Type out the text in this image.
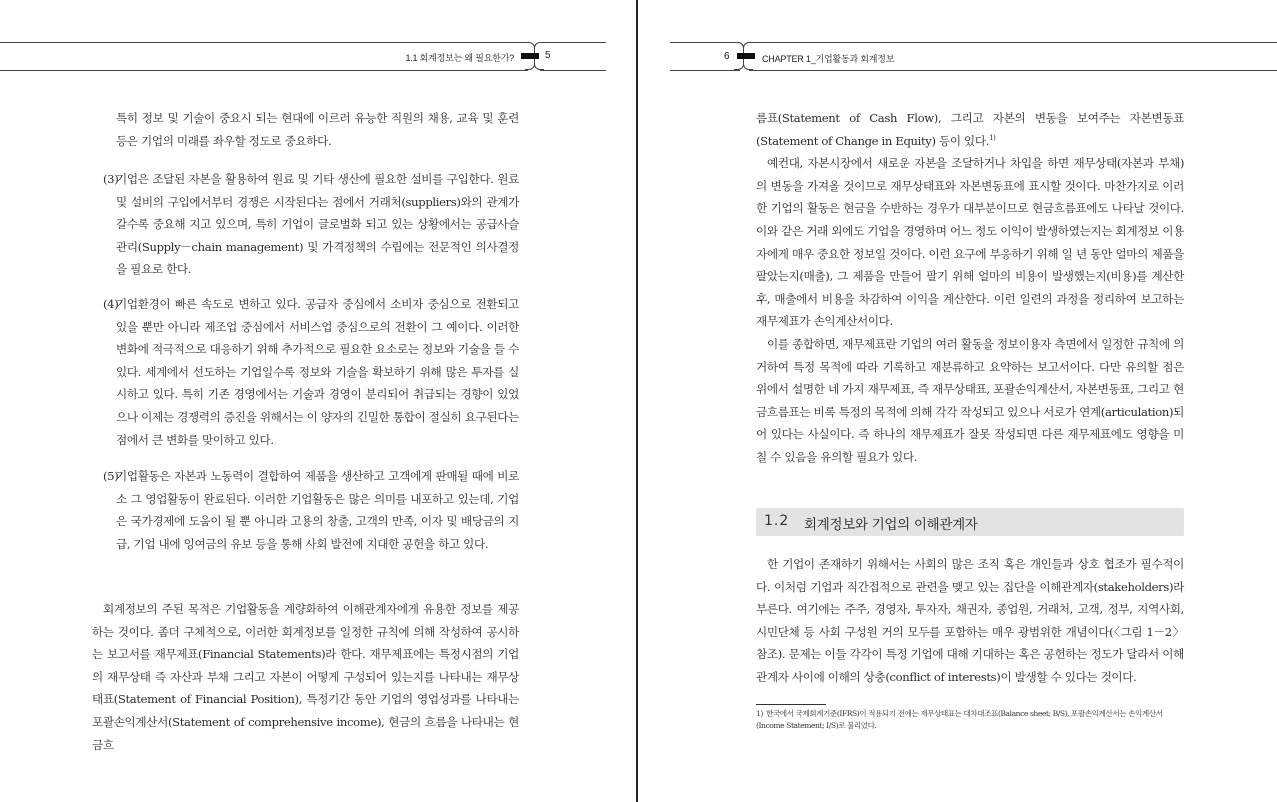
1.1 회계정보는 왜 필요한가?	5

특히 정보 및 기술이 중요시 되는 현대에 이르러 유능한 직원의 채용, 교육 및 훈련 등은 기업의 미래를 좌우할 정도로 중요하다.

(3)
기업은 조달된 자본을 활용하여 원료 및 기타 생산에 필요한 설비를 구입한다. 원료 및 설비의 구입에서부터 경쟁은 시작된다는 점에서 거래처(suppliers)와의 관계가 갈수록 중요해 지고 있으며, 특히 기업이 글로벌화 되고 있는 상황에서는 공급사슬관리(Supply－chain management) 및 가격정책의 수립에는 전문적인 의사결정을 필요로 한다.
(4)
기업환경이 빠른 속도로 변하고 있다. 공급자 중심에서 소비자 중심으로 전환되고 있을 뿐만 아니라 제조업 중심에서 서비스업 중심으로의 전환이 그 예이다. 이러한 변화에 적극적으로 대응하기 위해 추가적으로 필요한 요소로는 정보와 기술을 들 수 있다. 세계에서 선도하는 기업일수록 정보와 기술을 확보하기 위해 많은 투자를 실시하고 있다. 특히 기존 경영에서는 기술과 경영이 분리되어 취급되는 경향이 있었으나 이제는 경쟁력의 증진을 위해서는 이 양자의 긴밀한 통합이 절실히 요구된다는 점에서 큰 변화를 맞이하고 있다.
(5)
기업활동은 자본과 노동력이 결합하여 제품을 생산하고 고객에게 판매될 때에 비로소 그 영업활동이 완료된다. 이러한 기업활동은 많은 의미를 내포하고 있는데, 기업은 국가경제에 도움이 될 뿐 아니라 고용의 창출, 고객의 만족, 이자 및 배당금의 지급, 기업 내에 잉여금의 유보 등을 통해 사회 발전에 지대한 공헌을 하고 있다.

회계정보의 주된 목적은 기업활동을 계량화하여 이해관계자에게 유용한 정보를 제공하는 것이다. 좀더 구체적으로, 이러한 회계정보를 일정한 규칙에 의해 작성하여 공시하는 보고서를 재무제표(Financial Statements)라 한다. 재무제표에는 특정시점의 기업의 재무상태 즉 자산과 부채 그리고 자본이 어떻게 구성되어 있는지를 나타내는 재무상태표(Statement of Financial Position), 특정기간 동안 기업의 영업성과를 나타내는 포괄손익계산서(Statement of comprehensive income), 현금의 흐름을 나타내는 현금흐

6	CHAPTER 1_기업활동과 회계정보

름표(Statement of Cash Flow), 그리고 자본의 변동을 보여주는 자본변동표(Statement of Change in Equity) 등이 있다.$^{1)}$

예컨대, 자본시장에서 새로운 자본을 조달하거나 차입을 하면 재무상태(자본과 부채)의 변동을 가져올 것이므로 재무상태표와 자본변동표에 표시할 것이다. 마찬가지로 이러한 기업의 활동은 현금을 수반하는 경우가 대부분이므로 현금흐름표에도 나타날 것이다. 이와 같은 거래 외에도 기업을 경영하며 어느 정도 이익이 발생하였는지는 회계정보 이용자에게 매우 중요한 정보일 것이다. 이런 요구에 부응하기 위해 일 년 동안 얼마의 제품을 팔았는지(매출), 그 제품을 만들어 팔기 위해 얼마의 비용이 발생했는지(비용)를 계산한 후, 매출에서 비용을 차감하여 이익을 계산한다. 이런 일련의 과정을 정리하여 보고하는 재무제표가 손익계산서이다.

이를 종합하면, 재무제표란 기업의 여러 활동을 정보이용자 측면에서 일정한 규칙에 의거하여 특정 목적에 따라 기록하고 재분류하고 요약하는 보고서이다. 다만 유의할 점은 위에서 설명한 네 가지 재무제표, 즉 재무상태표, 포괄손익계산서, 자본변동표, 그리고 현금흐름표는 비록 특정의 목적에 의해 각각 작성되고 있으나 서로가 연계(articulation)되어 있다는 사실이다. 즉 하나의 재무제표가 잘못 작성되면 다른 재무제표에도 영향을 미칠 수 있음을 유의할 필요가 있다.

1.2 회계정보와 기업의 이해관계자

한 기업이 존재하기 위해서는 사회의 많은 조직 혹은 개인들과 상호 협조가 필수적이다. 이처럼 기업과 직간접적으로 관련을 맺고 있는 집단을 이해관계자(stakeholders)라 부른다. 여기에는 주주, 경영자, 투자자, 채권자, 종업원, 거래처, 고객, 정부, 지역사회, 시민단체 등 사회 구성원 거의 모두를 포함하는 매우 광범위한 개념이다(〈그림 1－2〉 참조). 문제는 이들 각각이 특정 기업에 대해 기대하는 혹은 공헌하는 정도가 달라서 이해관계자 사이에 이해의 상충(conflict of interests)이 발생할 수 있다는 것이다.

1) 한국에서 국제회계기준(IFRS)이 적용되기 전에는 재무상태표는 대차대조표(Balance sheet; B/S), 포괄손익계산서는 손익계산서(Income Statement; I/S)로 불리었다.
